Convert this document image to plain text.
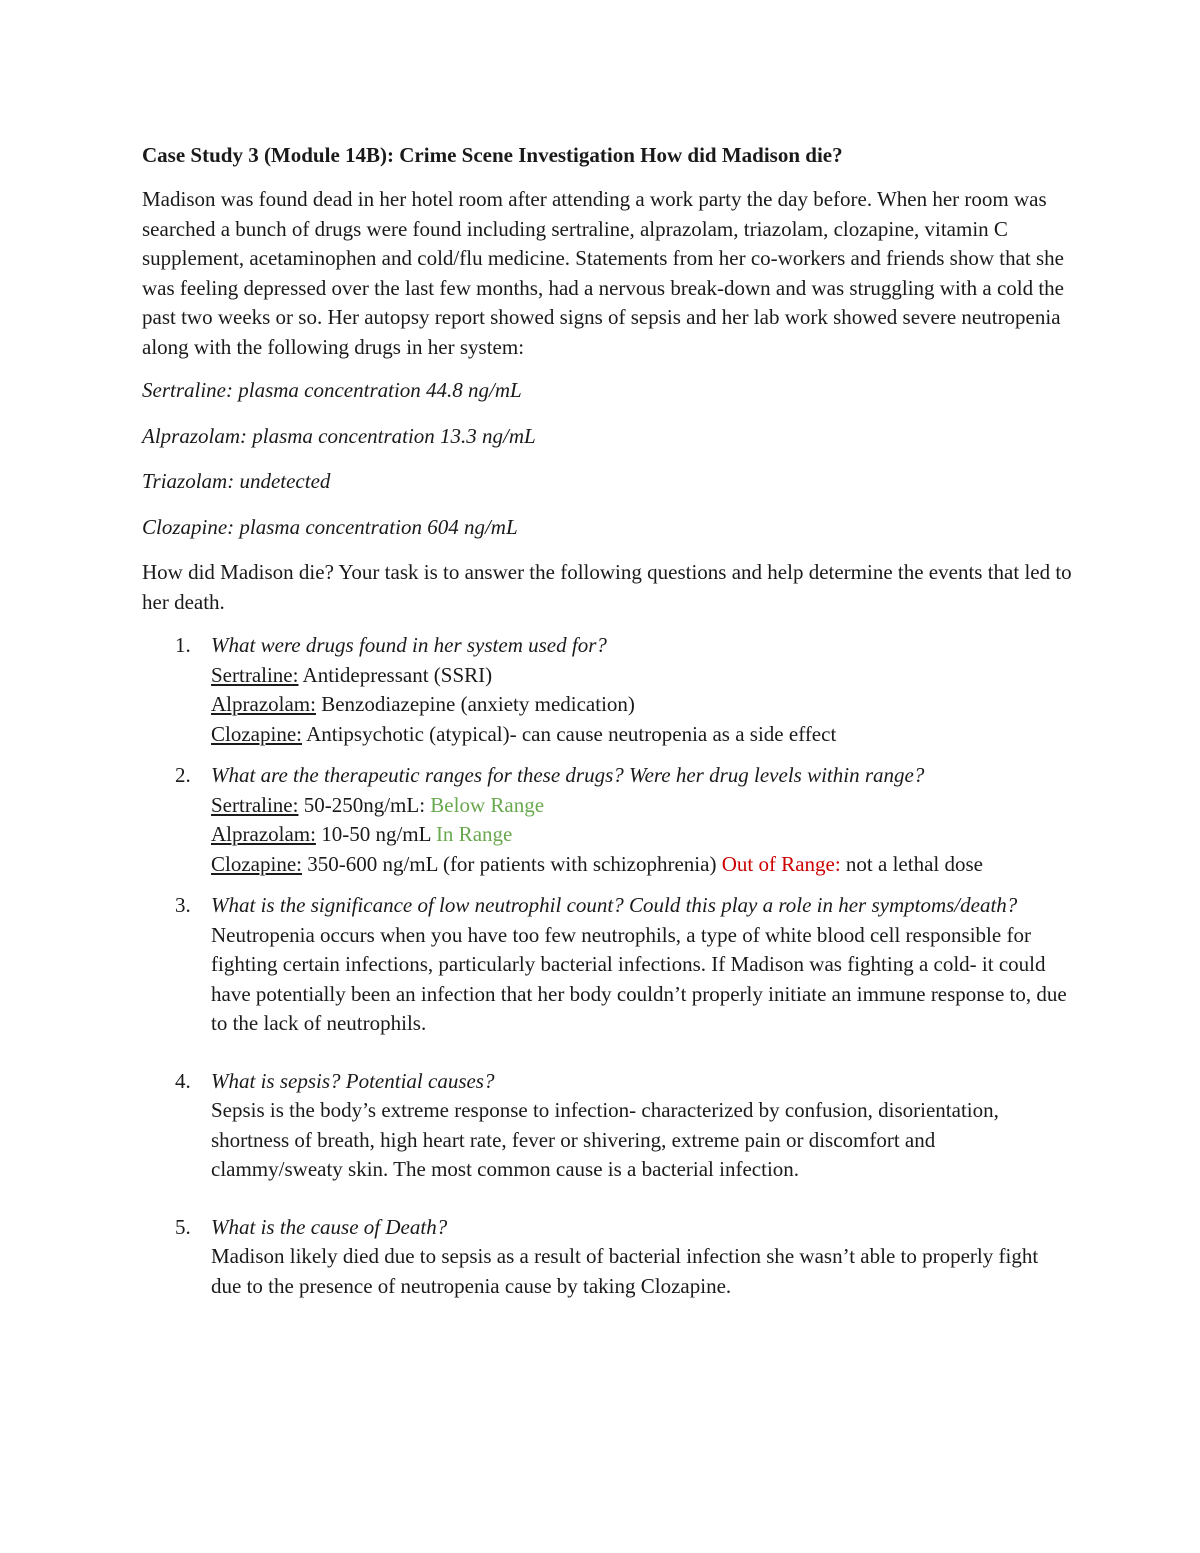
Case Study 3 (Module 14B): Crime Scene Investigation How did Madison die?
Madison was found dead in her hotel room after attending a work party the day before. When her room was searched a bunch of drugs were found including sertraline, alprazolam, triazolam, clozapine, vitamin C supplement, acetaminophen and cold/flu medicine. Statements from her co-workers and friends show that she was feeling depressed over the last few months, had a nervous break-down and was struggling with a cold the past two weeks or so. Her autopsy report showed signs of sepsis and her lab work showed severe neutropenia along with the following drugs in her system:
Sertraline: plasma concentration 44.8 ng/mL
Alprazolam: plasma concentration 13.3 ng/mL
Triazolam: undetected
Clozapine: plasma concentration 604 ng/mL
How did Madison die? Your task is to answer the following questions and help determine the events that led to her death.
1. What were drugs found in her system used for?
Sertraline: Antidepressant (SSRI)
Alprazolam: Benzodiazepine (anxiety medication)
Clozapine: Antipsychotic (atypical)- can cause neutropenia as a side effect
2. What are the therapeutic ranges for these drugs? Were her drug levels within range?
Sertraline: 50-250ng/mL: Below Range
Alprazolam: 10-50 ng/mL In Range
Clozapine: 350-600 ng/mL (for patients with schizophrenia) Out of Range: not a lethal dose
3. What is the significance of low neutrophil count? Could this play a role in her symptoms/death?
Neutropenia occurs when you have too few neutrophils, a type of white blood cell responsible for fighting certain infections, particularly bacterial infections. If Madison was fighting a cold- it could have potentially been an infection that her body couldn’t properly initiate an immune response to, due to the lack of neutrophils.
4. What is sepsis? Potential causes?
Sepsis is the body’s extreme response to infection- characterized by confusion, disorientation, shortness of breath, high heart rate, fever or shivering, extreme pain or discomfort and clammy/sweaty skin. The most common cause is a bacterial infection.
5. What is the cause of Death?
Madison likely died due to sepsis as a result of bacterial infection she wasn’t able to properly fight due to the presence of neutropenia cause by taking Clozapine.
